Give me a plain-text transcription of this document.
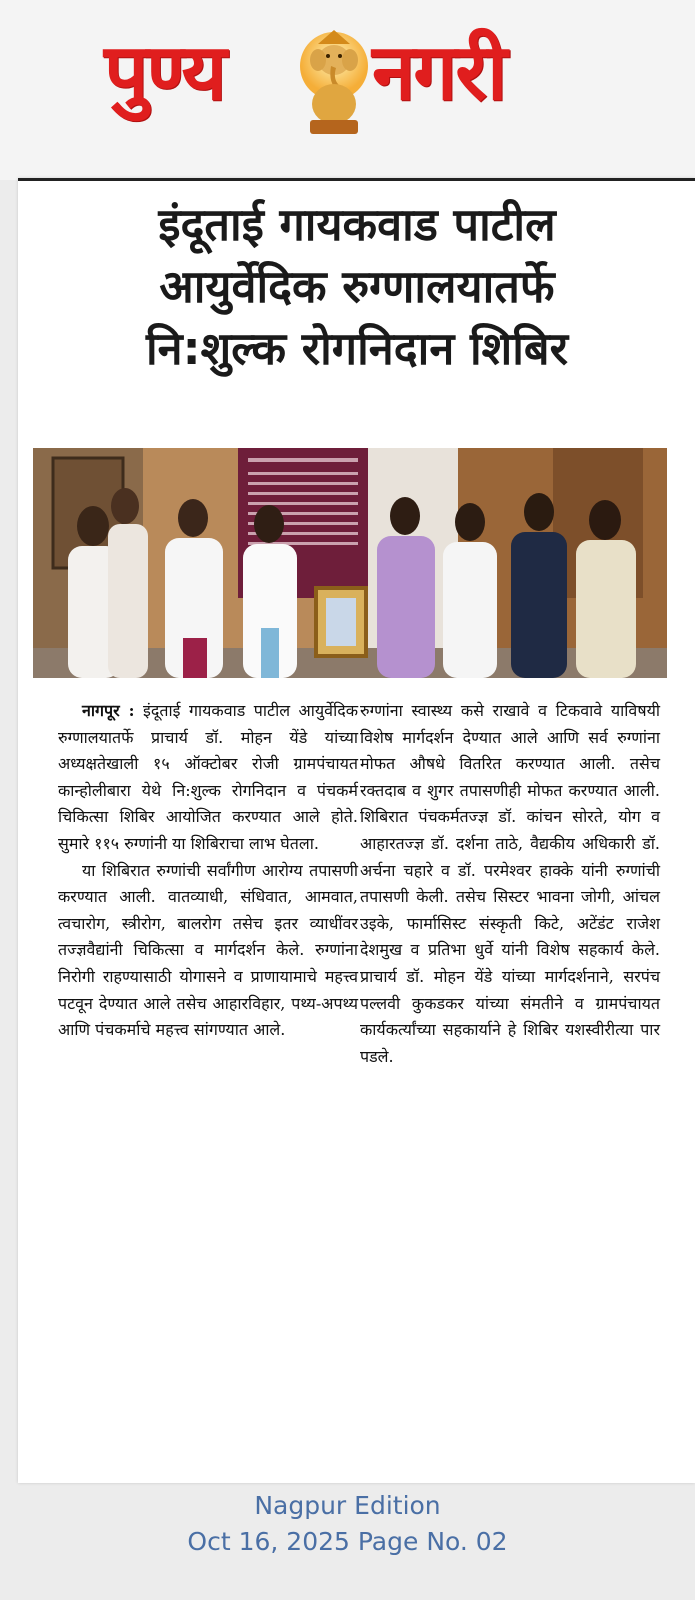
पुण्य नगरी
इंदूताई गायकवाड पाटील
आयुर्वेदिक रुग्णालयातर्फे
नि:शुल्क रोगनिदान शिबिर

नागपूर : इंदूताई गायकवाड पाटील आयुर्वेदिक रुग्णालयातर्फे प्राचार्य डॉ. मोहन येंडे यांच्या अध्यक्षतेखाली १५ ऑक्टोबर रोजी ग्रामपंचायत कान्होलीबारा येथे नि:शुल्क रोगनिदान व पंचकर्म चिकित्सा शिबिर आयोजित करण्यात आले होते. सुमारे ११५ रुग्णांनी या शिबिराचा लाभ घेतला.

या शिबिरात रुग्णांची सर्वांगीण आरोग्य तपासणी करण्यात आली. वातव्याधी, संधिवात, आमवात, त्वचारोग, स्त्रीरोग, बालरोग तसेच इतर व्याधींवर तज्ज्ञवैद्यांनी चिकित्सा व मार्गदर्शन केले. रुग्णांना निरोगी राहण्यासाठी योगासने व प्राणायामाचे महत्त्व पटवून देण्यात आले तसेच आहारविहार, पथ्य-अपथ्य आणि पंचकर्माचे महत्त्व सांगण्यात आले.

रुग्णांना स्वास्थ्य कसे राखावे व टिकवावे याविषयी विशेष मार्गदर्शन देण्यात आले आणि सर्व रुग्णांना मोफत औषधे वितरित करण्यात आली. तसेच रक्तदाब व शुगर तपासणीही मोफत करण्यात आली. शिबिरात पंचकर्मतज्ज्ञ डॉ. कांचन सोरते, योग व आहारतज्ज्ञ डॉ. दर्शना ताठे, वैद्यकीय अधिकारी डॉ. अर्चना चहारे व डॉ. परमेश्वर हाक्के यांनी रुग्णांची तपासणी केली. तसेच सिस्टर भावना जोगी, आंचल उइके, फार्मासिस्ट संस्कृती किटे, अटेंडंट राजेश देशमुख व प्रतिभा धुर्वे यांनी विशेष सहकार्य केले. प्राचार्य डॉ. मोहन येंडे यांच्या मार्गदर्शनाने, सरपंच पल्लवी कुकडकर यांच्या संमतीने व ग्रामपंचायत कार्यकर्त्यांच्या सहकार्याने हे शिबिर यशस्वीरीत्या पार पडले.

Nagpur Edition
Oct 16, 2025 Page No. 02
